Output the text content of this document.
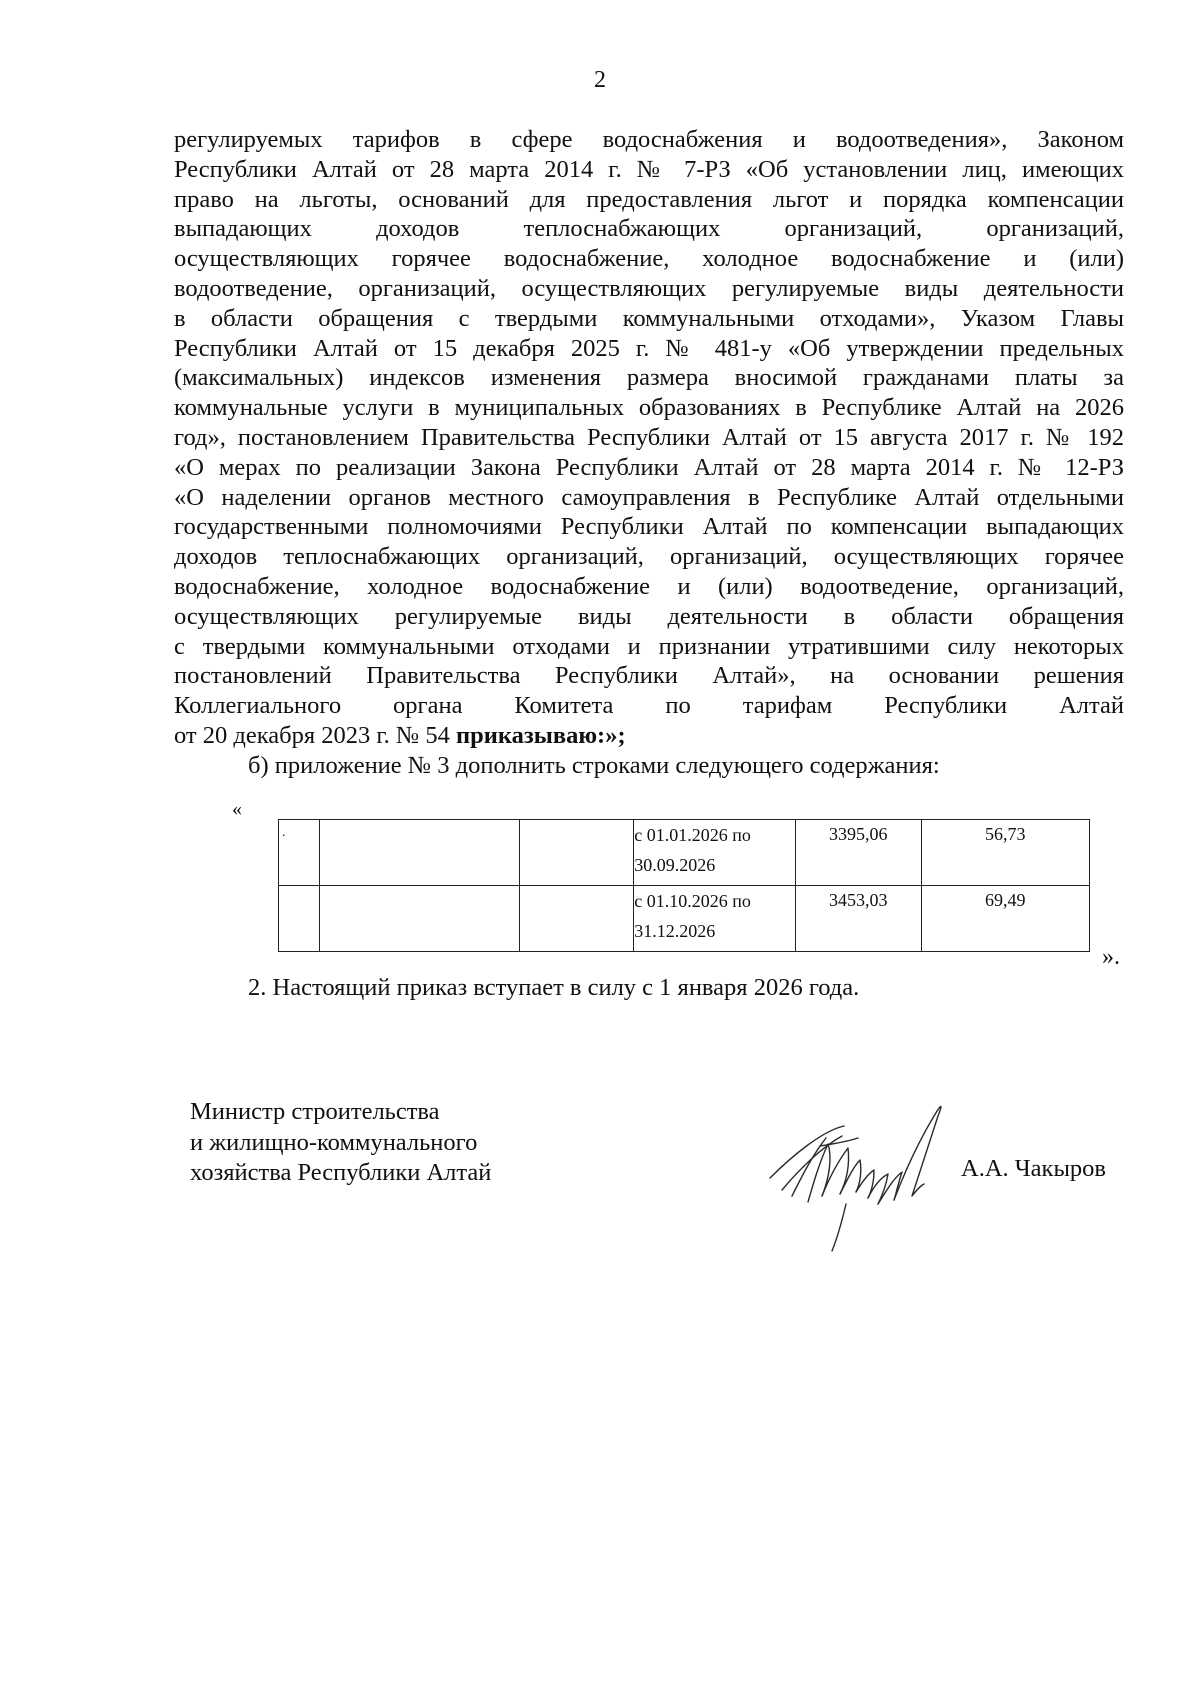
2
регулируемых тарифов в сфере водоснабжения и водоотведения», Законом
Республики Алтай от 28 марта 2014 г. № 7-РЗ «Об установлении лиц, имеющих
право на льготы, оснований для предоставления льгот и порядка компенсации
выпадающих доходов теплоснабжающих организаций, организаций,
осуществляющих горячее водоснабжение, холодное водоснабжение и (или)
водоотведение, организаций, осуществляющих регулируемые виды деятельности
в области обращения с твердыми коммунальными отходами», Указом Главы
Республики Алтай от 15 декабря 2025 г. № 481-у «Об утверждении предельных
(максимальных) индексов изменения размера вносимой гражданами платы за
коммунальные услуги в муниципальных образованиях в Республике Алтай на 2026
год», постановлением Правительства Республики Алтай от 15 августа 2017 г. № 192
«О мерах по реализации Закона Республики Алтай от 28 марта 2014 г. № 12-РЗ
«О наделении органов местного самоуправления в Республике Алтай отдельными
государственными полномочиями Республики Алтай по компенсации выпадающих
доходов теплоснабжающих организаций, организаций, осуществляющих горячее
водоснабжение, холодное водоснабжение и (или) водоотведение, организаций,
осуществляющих регулируемые виды деятельности в области обращения
с твердыми коммунальными отходами и признании утратившими силу некоторых
постановлений Правительства Республики Алтай», на основании решения
Коллегиального органа Комитета по тарифам Республики Алтай
от 20 декабря 2023 г. № 54 приказываю:»;
б) приложение № 3 дополнить строками следующего содержания:
«
.			с 01.01.2026 по
30.09.2026	3395,06	56,73

			с 01.10.2026 по
31.12.2026	3453,03	69,49
».
2. Настоящий приказ вступает в силу с 1 января 2026 года.
Министр строительства
и жилищно-коммунального
хозяйства Республики Алтай	А.А. Чакыров
